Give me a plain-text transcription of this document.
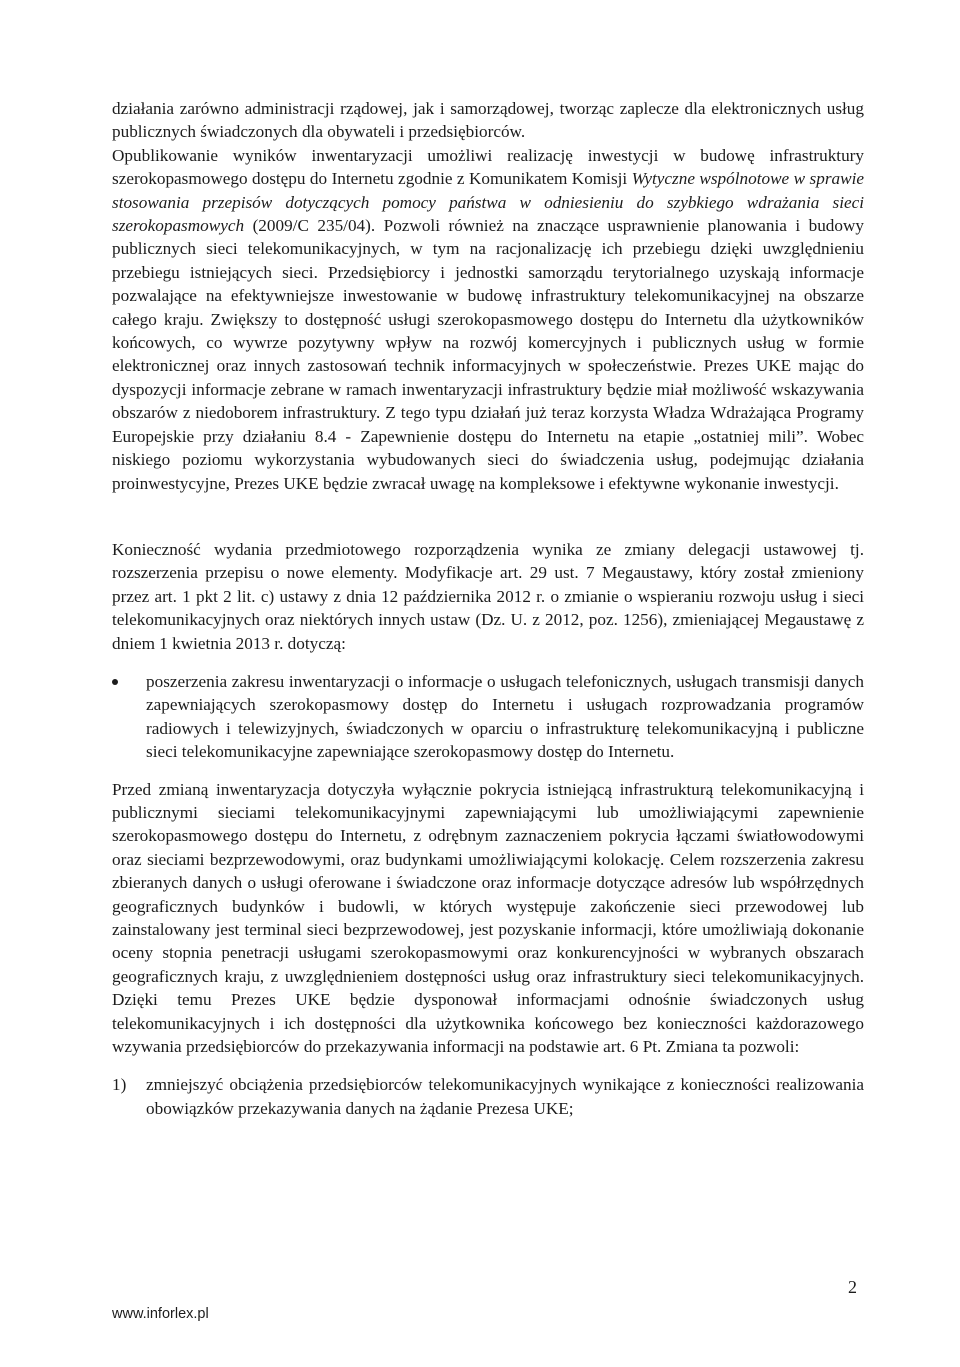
działania zarówno administracji rządowej, jak i samorządowej, tworząc zaplecze dla elektronicznych usług publicznych świadczonych dla obywateli i przedsiębiorców.

Opublikowanie wyników inwentaryzacji umożliwi realizację inwestycji w budowę infrastruktury szerokopasmowego dostępu do Internetu zgodnie z Komunikatem Komisji Wytyczne wspólnotowe w sprawie stosowania przepisów dotyczących pomocy państwa w odniesieniu do szybkiego wdrażania sieci szerokopasmowych (2009/C 235/04). Pozwoli również na znaczące usprawnienie planowania i budowy publicznych sieci telekomunikacyjnych, w tym na racjonalizację ich przebiegu dzięki uwzględnieniu przebiegu istniejących sieci. Przedsiębiorcy i jednostki samorządu terytorialnego uzyskają informacje pozwalające na efektywniejsze inwestowanie w budowę infrastruktury telekomunikacyjnej na obszarze całego kraju. Zwiększy to dostępność usługi szerokopasmowego dostępu do Internetu dla użytkowników końcowych, co wywrze pozytywny wpływ na rozwój komercyjnych i publicznych usług w formie elektronicznej oraz innych zastosowań technik informacyjnych w społeczeństwie. Prezes UKE mając do dyspozycji informacje zebrane w ramach inwentaryzacji infrastruktury będzie miał możliwość wskazywania obszarów z niedoborem infrastruktury. Z tego typu działań już teraz korzysta Władza Wdrażająca Programy Europejskie przy działaniu 8.4 - Zapewnienie dostępu do Internetu na etapie „ostatniej mili”. Wobec niskiego poziomu wykorzystania wybudowanych sieci do świadczenia usług, podejmując działania proinwestycyjne, Prezes UKE będzie zwracał uwagę na kompleksowe i efektywne wykonanie inwestycji.

Konieczność wydania przedmiotowego rozporządzenia wynika ze zmiany delegacji ustawowej tj. rozszerzenia przepisu o nowe elementy. Modyfikacje art. 29 ust. 7 Megaustawy, który został zmieniony przez art. 1 pkt 2 lit. c) ustawy z dnia 12 października 2012 r. o zmianie o wspieraniu rozwoju usług i sieci telekomunikacyjnych oraz niektórych innych ustaw (Dz. U. z 2012, poz. 1256), zmieniającej Megaustawę z dniem 1 kwietnia 2013 r. dotyczą:

poszerzenia zakresu inwentaryzacji o informacje o usługach telefonicznych, usługach transmisji danych zapewniających szerokopasmowy dostęp do Internetu i usługach rozprowadzania programów radiowych i telewizyjnych, świadczonych w oparciu o infrastrukturę telekomunikacyjną i publiczne sieci telekomunikacyjne zapewniające szerokopasmowy dostęp do Internetu.

Przed zmianą inwentaryzacja dotyczyła wyłącznie pokrycia istniejącą infrastrukturą telekomunikacyjną i publicznymi sieciami telekomunikacyjnymi zapewniającymi lub umożliwiającymi zapewnienie szerokopasmowego dostępu do Internetu, z odrębnym zaznaczeniem pokrycia łączami światłowodowymi oraz sieciami bezprzewodowymi, oraz budynkami umożliwiającymi kolokację. Celem rozszerzenia zakresu zbieranych danych o usługi oferowane i świadczone oraz informacje dotyczące adresów lub współrzędnych geograficznych budynków i budowli, w których występuje zakończenie sieci przewodowej lub zainstalowany jest terminal sieci bezprzewodowej, jest pozyskanie informacji, które umożliwiają dokonanie oceny stopnia penetracji usługami szerokopasmowymi oraz konkurencyjności w wybranych obszarach geograficznych kraju, z uwzględnieniem dostępności usług oraz infrastruktury sieci telekomunikacyjnych. Dzięki temu Prezes UKE będzie dysponował informacjami odnośnie świadczonych usług telekomunikacyjnych i ich dostępności dla użytkownika końcowego bez konieczności każdorazowego wzywania przedsiębiorców do przekazywania informacji na podstawie art. 6 Pt. Zmiana ta pozwoli:

1) zmniejszyć obciążenia przedsiębiorców telekomunikacyjnych wynikające z konieczności realizowania obowiązków przekazywania danych na żądanie Prezesa UKE;
2
www.inforlex.pl
